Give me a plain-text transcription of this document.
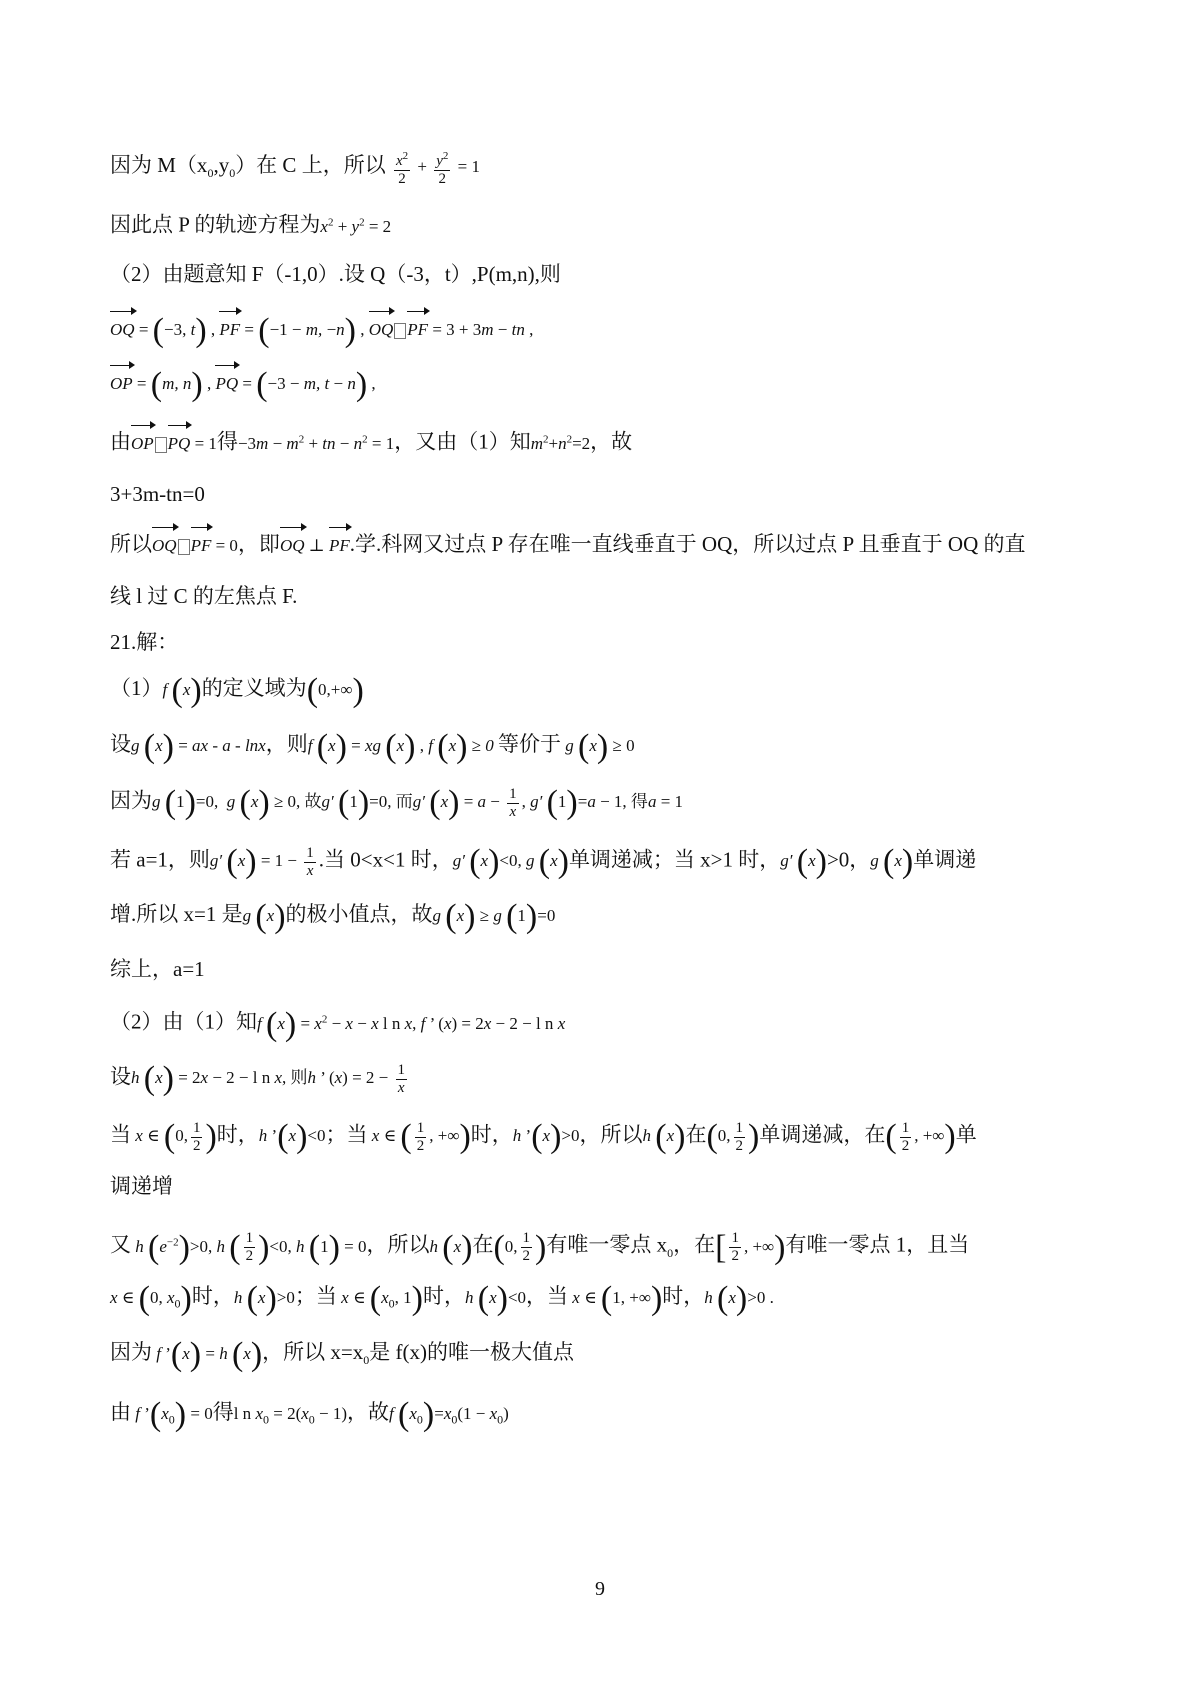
因为 $M(x_0,y_0)$在 C 上，所以 $\frac{x^2}{2} + \frac{y^2}{2} = 1$
因此点 P 的轨迹方程为$x^2 + y^2 = 2$
（2）由题意知 F（-1,0）.设 Q（-3，t）,P(m,n),则
OQ = (−3, t) , PF = (−1 − m, −n) , OQ PF = 3 + 3m − tn ,
OP = (m, n) , PQ = (−3 − m, t − n) ,
由OP PQ = 1得$-3m - m^2$ + tn − $n^2 = 1$，又由（1）知$m^2+n^2=2$，故
3+3m-tn=0
所以OQ PF = 0，即OQ ⊥ PF.学.科网又过点 P 存在唯一直线垂直于 OQ，所以过点 P 且垂直于 OQ 的直
线 l 过 C 的左焦点 F.
21.解：
（1）f (x)的定义域为(0,+∞)
设g (x) = ax - a - lnx，则f (x) = xg (x) , f (x) ≥ 0 等价于 g (x) ≥ 0
因为g (1)=0,  g (x) ≥ 0, 故g′ (1)=0, 而g′ $(x) = a - \frac{1}{x}$ , g′ (1)=a − 1, 得a = 1
若 a=1，则g′ $(x) = 1 - \frac{1}{x}$ .当 0<x<1 时，g′ (x)<0, g (x)单调递减；当 x>1 时，g′ (x)>0，g (x)单调递
增.所以 x=1 是g (x)的极小值点，故g (x) ≥ g (1)=0
综上，a=1
（2）由（1）知f $(x) = x^2 - x - x$ l n x, f ’ (x) = 2x − 2 − l n x
设h (x) = 2x − 2 − l n x, 则h ’ $(x) = 2 - \frac{1}{x}$
当 x ∈ (0, $\frac{1}{2}$ )时，h ’(x)<0；当 x ∈ ( $\frac{1}{2}$ , +∞)时，h ’(x)>0，所以h (x)在(0, $\frac{1}{2}$ )单调递减，在( $\frac{1}{2}$ , +∞)单
调递增
又 h $(e^{-2})>0$, h ( $\frac{1}{2} )<0$, h (1) = 0，所以h (x)在(0, $\frac{1}{2}$ )有唯一零点 $x_0$，在[ $\frac{1}{2}$ , +∞)有唯一零点 1，且当
x ∈ (0, $x_0$)时，h (x)>0；当 x ∈ ($x_0$, 1)时，h (x)<0，当 x ∈ (1, +∞)时，h (x)>0 .
因为 f ’(x) = h (x)，所以 $x=x_0$是 f(x)的唯一极大值点
由 f $’(x_0) = 0$得l n $x_0 = 2(x_0 - 1)$，故f $(x_0)=x_0(1 - x_0)$
9
